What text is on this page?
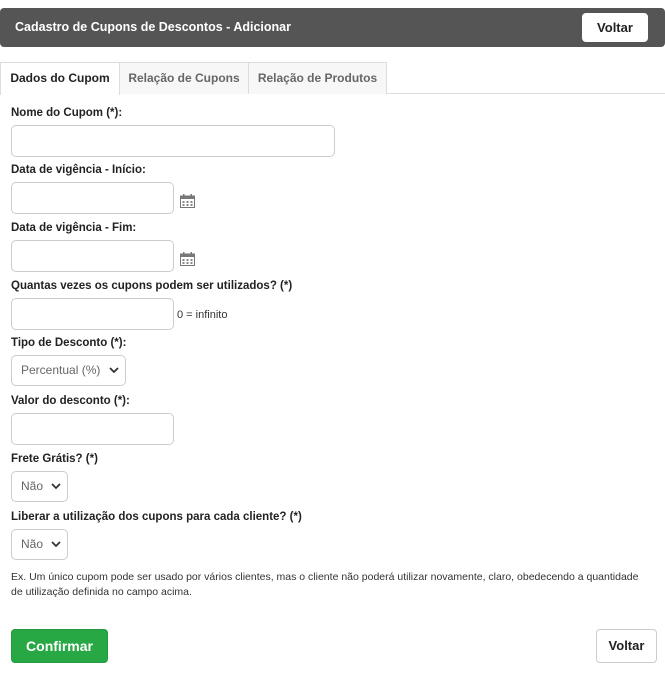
Cadastro de Cupons de Descontos - Adicionar	Voltar
Dados do Cupom	Relação de Cupons	Relação de Produtos
Nome do Cupom (*):
Data de vigência - Início:
Data de vigência - Fim:
Quantas vezes os cupons podem ser utilizados? (*)
0 = infinito
Tipo de Desconto (*):
Percentual (%)
Valor do desconto (*):
Frete Grátis? (*)
Não
Liberar a utilização dos cupons para cada cliente? (*)
Não
Ex. Um único cupom pode ser usado por vários clientes, mas o cliente não poderá utilizar novamente, claro, obedecendo a quantidade de utilização definida no campo acima.
Confirmar	Voltar
